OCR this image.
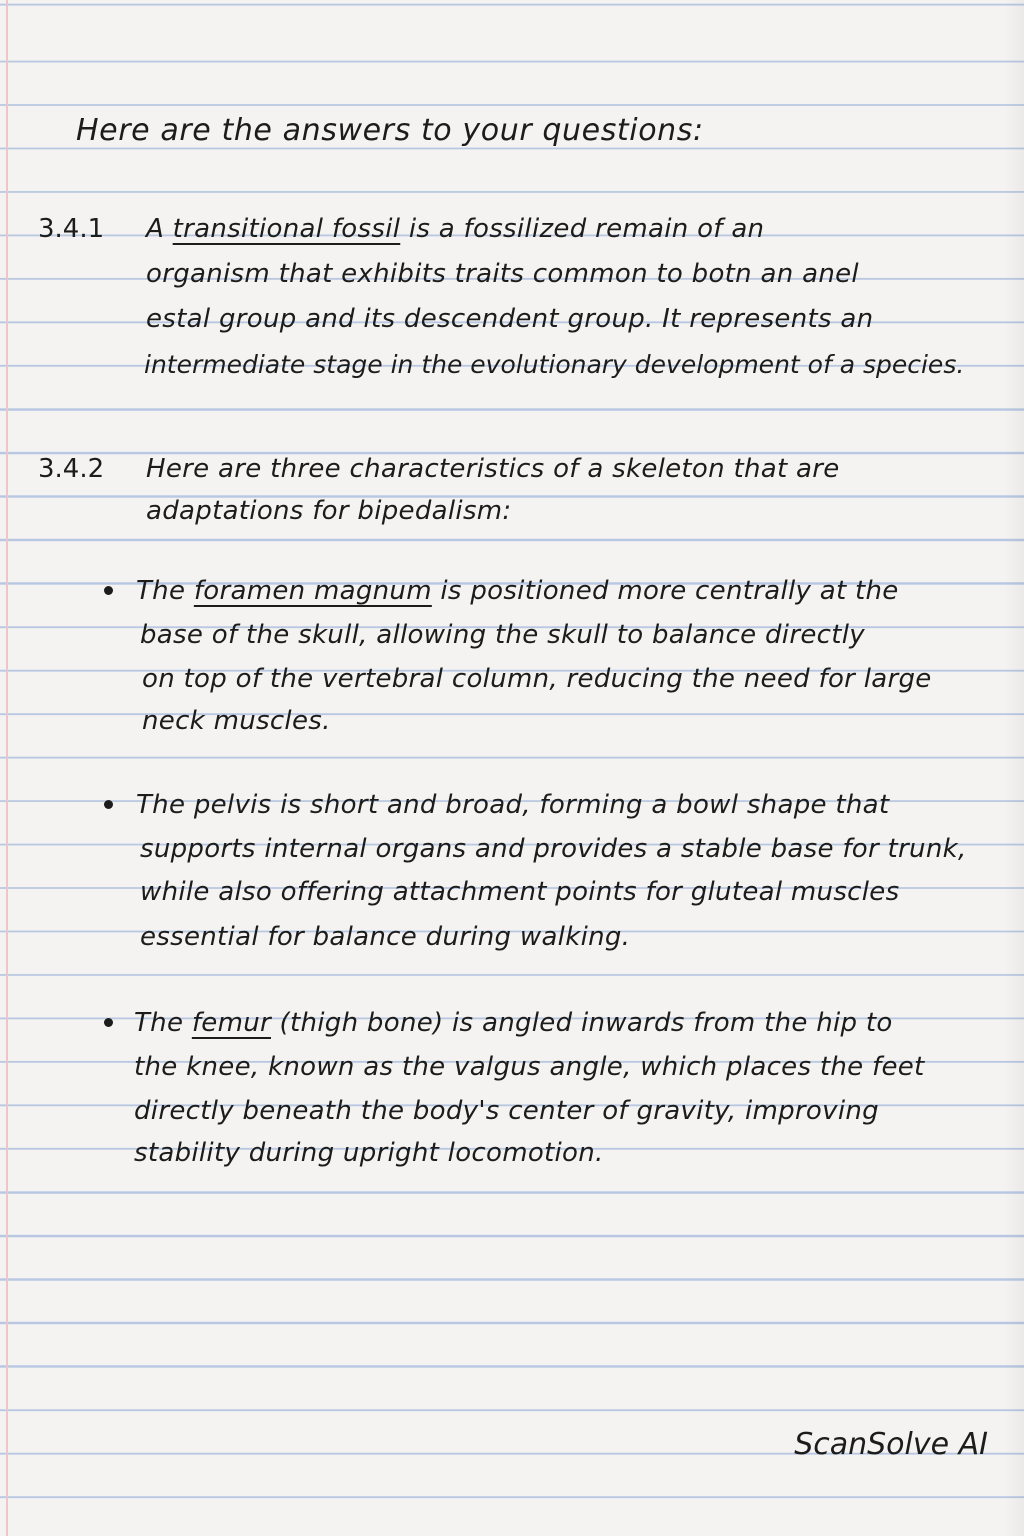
Here are the answers to your questions:
3.4.1 A transitional fossil is a fossilized remain of an
organism that exhibits traits common to botn an anel
estal group and its descendent group. It represents an
intermediate stage in the evolutionary development of a species.
3.4.2 Here are three characteristics of a skeleton that are
adaptations for bipedalism:
The foramen magnum is positioned more centrally at the
base of the skull, allowing the skull to balance directly
on top of the vertebral column, reducing the need for large
neck muscles.
The pelvis is short and broad, forming a bowl shape that
supports internal organs and provides a stable base for trunk,
while also offering attachment points for gluteal muscles
essential for balance during walking.
The femur (thigh bone) is angled inwards from the hip to
the knee, known as the valgus angle, which places the feet
directly beneath the body's center of gravity, improving
stability during upright locomotion.
ScanSolve AI
